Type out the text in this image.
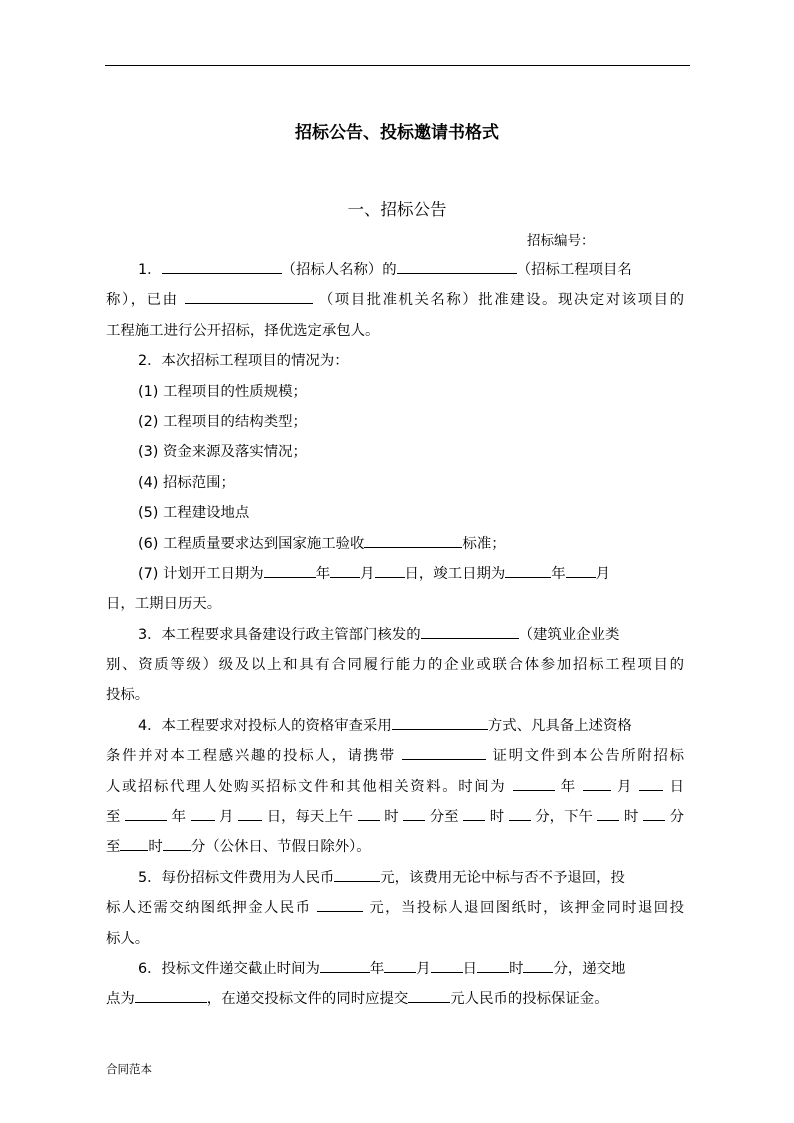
招标公告、投标邀请书格式
一、招标公告
招标编号：
1．	（招标人名称）的	（招标工程项目名
称），已由	（项目批准机关名称）批准建设。现决定对该项目的
工程施工进行公开招标，择优选定承包人。
2．本次招标工程项目的情况为：
(1) 工程项目的性质规模；
(2) 工程项目的结构类型；
(3) 资金来源及落实情况；
(4) 招标范围；
(5) 工程建设地点
(6) 工程质量要求达到国家施工验收	标准；
(7) 计划开工日期为	年 月 日，竣工日期为	年 月
日，工期日历天。
3．本工程要求具备建设行政主管部门核发的	（建筑业企业类
别、资质等级）级及以上和具有合同履行能力的企业或联合体参加招标工程项目的
投标。
4．本工程要求对投标人的资格审查采用	方式、凡具备上述资格
条件并对本工程感兴趣的投标人，请携带	证明文件到本公告所附招标
人或招标代理人处购买招标文件和其他相关资料。时间为	年	月	日
至	年 月 日，每天上午 时 分至 时 分，下午 时 分
至 时 分（公休日、节假日除外）。
5．每份招标文件费用为人民币	元，该费用无论中标与否不予退回，投
标人还需交纳图纸押金人民币	元，当投标人退回图纸时，该押金同时退回投
标人。
6．投标文件递交截止时间为	年 月 日 时 分，递交地
点为	，在递交投标文件的同时应提交	元人民币的投标保证金。
合同范本
